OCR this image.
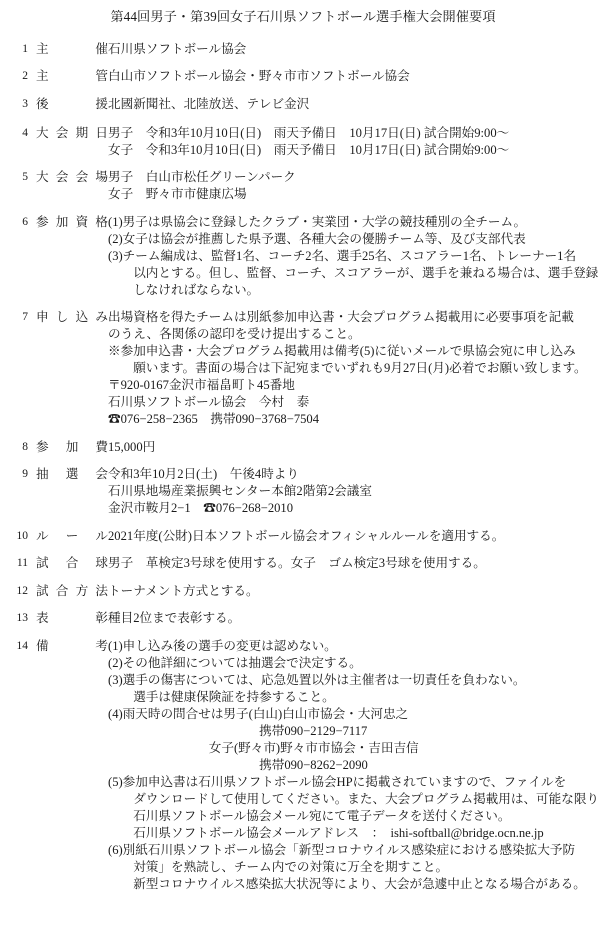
第44回男子・第39回女子石川県ソフトボール選手権大会開催要項
1 主　　催 石川県ソフトボール協会
2 主　　管 白山市ソフトボール協会・野々市市ソフトボール協会
3 後　　援 北國新聞社、北陸放送、テレビ金沢
4 大会期日 男子　令和3年10月10日(日)　雨天予備日　10月17日(日) 試合開始9:00〜
女子　令和3年10月10日(日)　雨天予備日　10月17日(日) 試合開始9:00〜
5 大会会場 男子　白山市松任グリーンパーク
女子　野々市市健康広場
6 参加資格 (1)男子は県協会に登録したクラブ・実業団・大学の競技種別の全チーム。
(2)女子は協会が推薦した県予選、各種大会の優勝チーム等、及び支部代表
(3)チーム編成は、監督1名、コーチ2名、選手25名、スコアラー1名、トレーナー1名
　　以内とする。但し、監督、コーチ、スコアラーが、選手を兼ねる場合は、選手登録
　　しなければならない。
7 申し込み 出場資格を得たチームは別紙参加申込書・大会プログラム掲載用に必要事項を記載
のうえ、各関係の認印を受け提出すること。
※参加申込書・大会プログラム掲載用は備考(5)に従いメールで県協会宛に申し込み
　　願います。書面の場合は下記宛までいずれも9月27日(月)必着でお願い致します。
〒920-0167金沢市福畠町ト45番地
石川県ソフトボール協会　今村　泰
☎076−258−2365　携帯090−3768−7504
8 参 加 費 15,000円
9 抽 選 会 令和3年10月2日(土)　午後4時より
石川県地場産業振興センター本館2階第2会議室
金沢市鞍月2−1　☎076−268−2010
10 ル ー ル 2021年度(公財)日本ソフトボール協会オフィシャルルールを適用する。
11 試 合 球 男子　革検定3号球を使用する。女子　ゴム検定3号球を使用する。
12 試合方法 トーナメント方式とする。
13 表　　彰 種目2位まで表彰する。
14 備　　考 (1)申し込み後の選手の変更は認めない。
(2)その他詳細については抽選会で決定する。
(3)選手の傷害については、応急処置以外は主催者は一切責任を負わない。
　　選手は健康保険証を持参すること。
(4)雨天時の問合せは男子(白山)白山市協会・大河忠之
　　　　　　　　　　　　携帯090−2129−7117
　　　　　　　　女子(野々市)野々市市協会・吉田吉信
　　　　　　　　　　　　携帯090−8262−2090
(5)参加申込書は石川県ソフトボール協会HPに掲載されていますので、ファイルを
　　ダウンロードして使用してください。また、大会プログラム掲載用は、可能な限り
　　石川県ソフトボール協会メール宛にて電子データを送付ください。
　　石川県ソフトボール協会メールアドレス　：　ishi-softball@bridge.ocn.ne.jp
(6)別紙石川県ソフトボール協会「新型コロナウイルス感染症における感染拡大予防
　　対策」を熟読し、チーム内での対策に万全を期すこと。
　　新型コロナウイルス感染拡大状況等により、大会が急遽中止となる場合がある。
